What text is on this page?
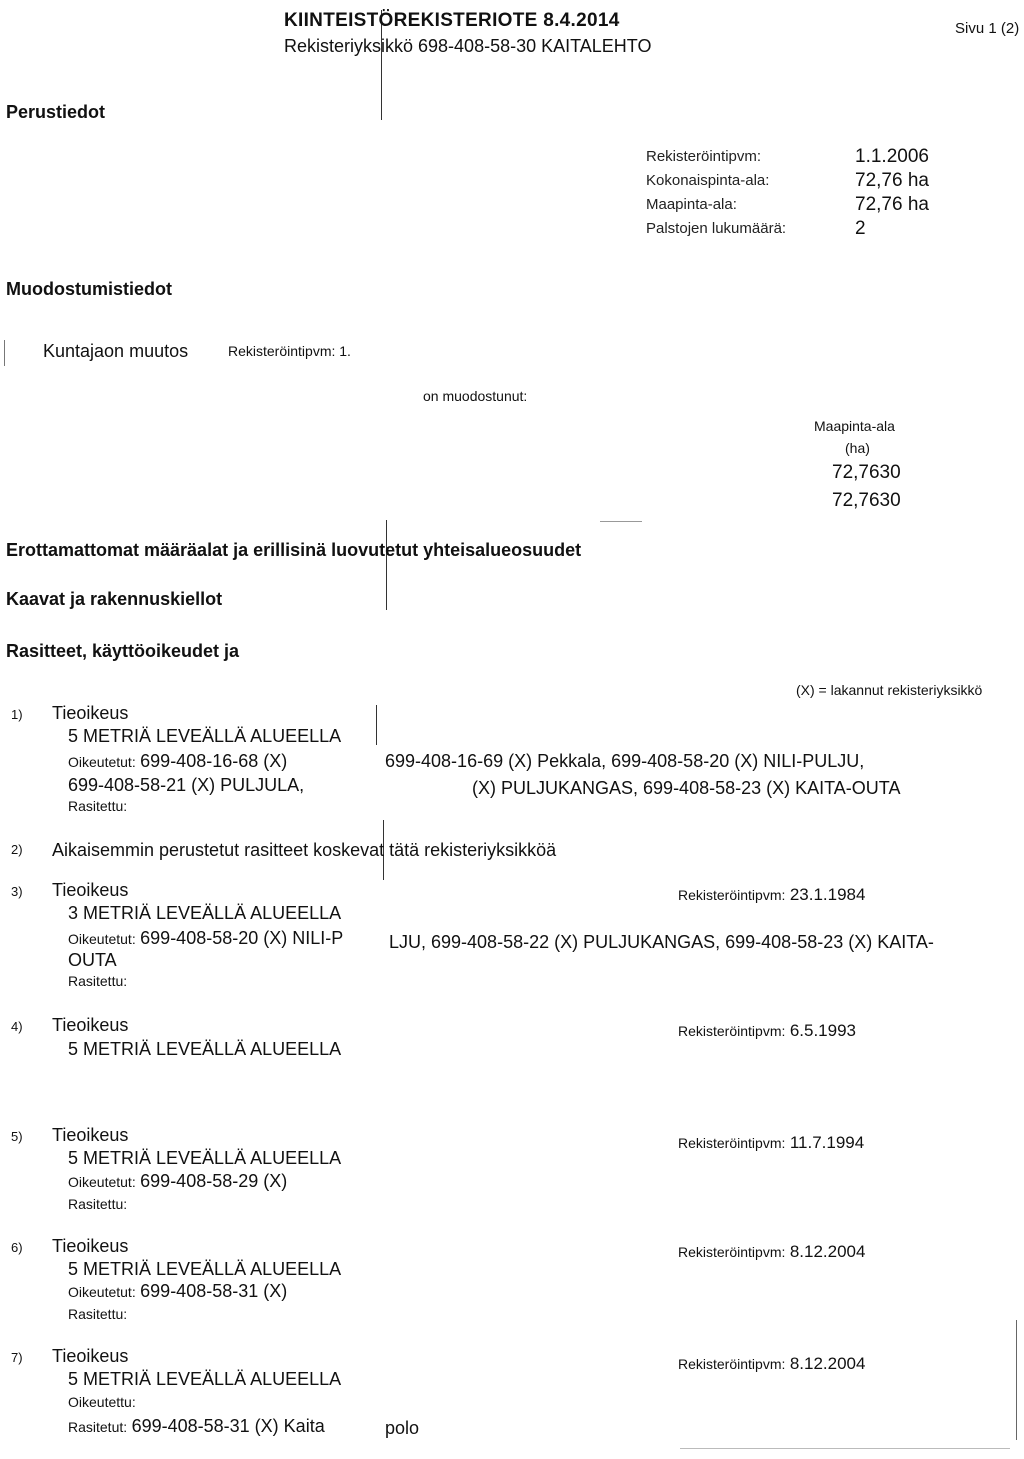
KIINTEISTÖREKISTERIOTE 8.4.2014
Rekisteriyksikkö 698-408-58-30 KAITALEHTO
Sivu 1 (2)
Perustiedot
Rekisteröintipvm:	1.1.2006
Kokonaispinta-ala:	72,76 ha
Maapinta-ala:	72,76 ha
Palstojen lukumäärä:	2
Muodostumistiedot
Kuntajaon muutos	Rekisteröintipvm: 1.
on muodostunut:
Maapinta-ala
(ha)
72,7630
72,7630
Erottamattomat määräalat ja erillisinä luovutetut yhteisalueosuudet
Kaavat ja rakennuskiellot
Rasitteet, käyttöoikeudet ja
(X) = lakannut rekisteriyksikkö
1) Tieoikeus
5 METRIÄ LEVEÄLLÄ ALUEELLA
Oikeutetut: 699-408-16-68 (X)	699-408-16-69 (X) Pekkala, 699-408-58-20 (X) NILI-PULJU,
699-408-58-21 (X) PULJULA,	(X) PULJUKANGAS, 699-408-58-23 (X) KAITA-OUTA
Rasitettu:
2) Aikaisemmin perustetut rasitteet koskevat tätä rekisteriyksikköä
3) Tieoikeus	Rekisteröintipvm: 23.1.1984
3 METRIÄ LEVEÄLLÄ ALUEELLA
Oikeutetut: 699-408-58-20 (X) NILI-P	LJU, 699-408-58-22 (X) PULJUKANGAS, 699-408-58-23 (X) KAITA-
OUTA
Rasitettu:
4) Tieoikeus	Rekisteröintipvm: 6.5.1993
5 METRIÄ LEVEÄLLÄ ALUEELLA
5) Tieoikeus	Rekisteröintipvm: 11.7.1994
5 METRIÄ LEVEÄLLÄ ALUEELLA
Oikeutetut: 699-408-58-29 (X)
Rasitettu:
6) Tieoikeus	Rekisteröintipvm: 8.12.2004
5 METRIÄ LEVEÄLLÄ ALUEELLA
Oikeutetut: 699-408-58-31 (X)
Rasitettu:
7) Tieoikeus	Rekisteröintipvm: 8.12.2004
5 METRIÄ LEVEÄLLÄ ALUEELLA
Oikeutettu:
Rasitetut: 699-408-58-31 (X) Kaita	polo
